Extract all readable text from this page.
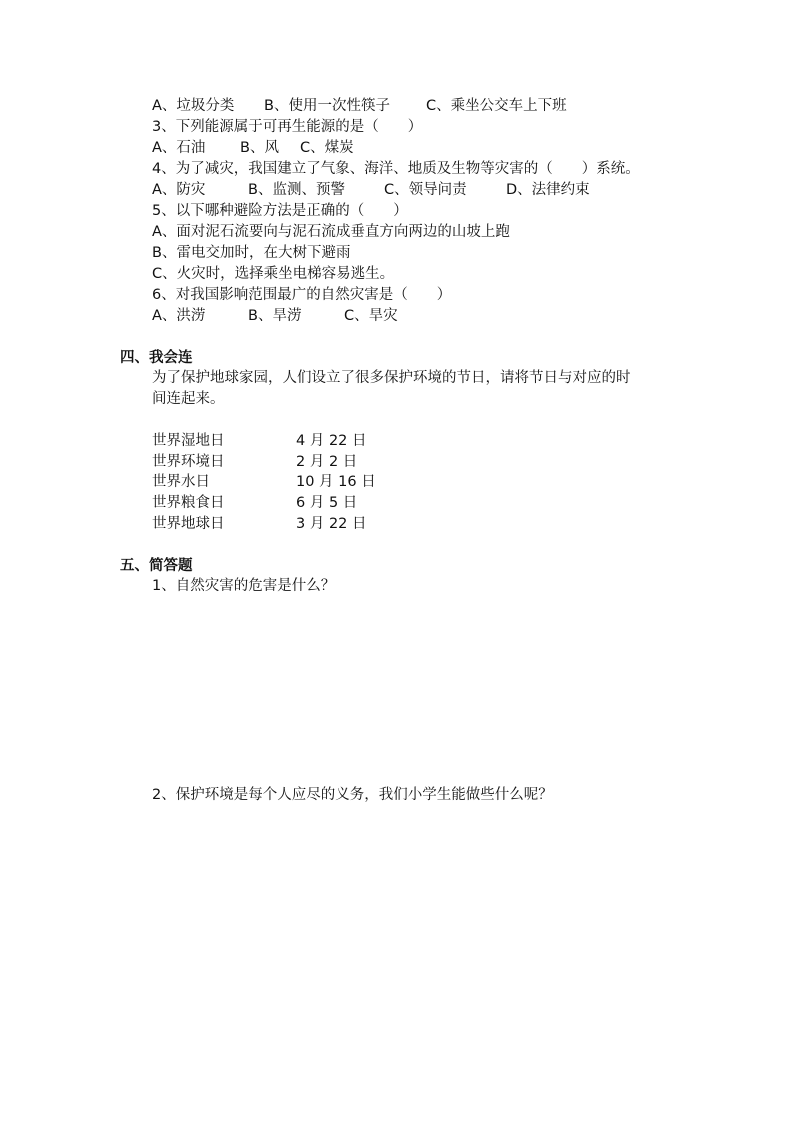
A、垃圾分类 B、使用一次性筷子 C、乘坐公交车上下班
3、下列能源属于可再生能源的是（　　）
A、石油 B、风 C、煤炭
4、为了减灾，我国建立了气象、海洋、地质及生物等灾害的（　　）系统。
A、防灾	B、监测、预警	C、领导问责	D、法律约束
5、以下哪种避险方法是正确的（　　）
A、面对泥石流要向与泥石流成垂直方向两边的山坡上跑
B、雷电交加时，在大树下避雨
C、火灾时，选择乘坐电梯容易逃生。
6、对我国影响范围最广的自然灾害是（　　）
A、洪涝	B、旱涝	C、旱灾
四、我会连
为了保护地球家园，人们设立了很多保护环境的节日，请将节日与对应的时
间连起来。
世界湿地日	4 月 22 日
世界环境日	2 月 2 日
世界水日	10 月 16 日
世界粮食日	6 月 5 日
世界地球日	3 月 22 日
五、简答题
1、自然灾害的危害是什么？
2、保护环境是每个人应尽的义务，我们小学生能做些什么呢？
